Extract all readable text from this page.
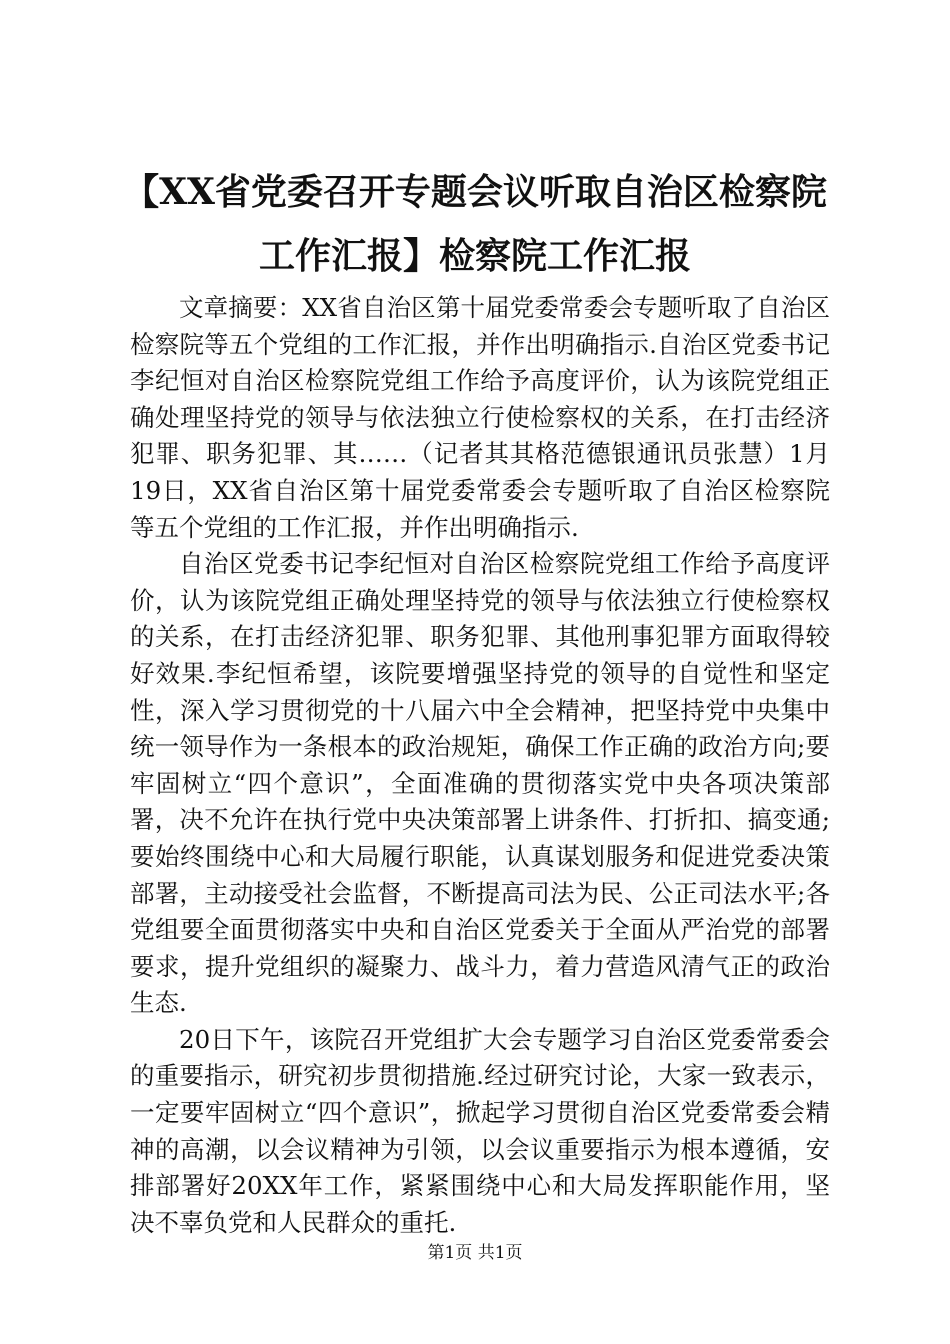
【XX省党委召开专题会议听取自治区检察院工作汇报】检察院工作汇报

文章摘要：XX省自治区第十届党委常委会专题听取了自治区检察院等五个党组的工作汇报，并作出明确指示.自治区党委书记李纪恒对自治区检察院党组工作给予高度评价，认为该院党组正确处理坚持党的领导与依法独立行使检察权的关系，在打击经济犯罪、职务犯罪、其……（记者其其格范德银通讯员张慧）1月19日，XX省自治区第十届党委常委会专题听取了自治区检察院等五个党组的工作汇报，并作出明确指示.

自治区党委书记李纪恒对自治区检察院党组工作给予高度评价，认为该院党组正确处理坚持党的领导与依法独立行使检察权的关系，在打击经济犯罪、职务犯罪、其他刑事犯罪方面取得较好效果.李纪恒希望，该院要增强坚持党的领导的自觉性和坚定性，深入学习贯彻党的十八届六中全会精神，把坚持党中央集中统一领导作为一条根本的政治规矩，确保工作正确的政治方向;要牢固树立“四个意识”，全面准确的贯彻落实党中央各项决策部署，决不允许在执行党中央决策部署上讲条件、打折扣、搞变通;要始终围绕中心和大局履行职能，认真谋划服务和促进党委决策部署，主动接受社会监督，不断提高司法为民、公正司法水平;各党组要全面贯彻落实中央和自治区党委关于全面从严治党的部署要求，提升党组织的凝聚力、战斗力，着力营造风清气正的政治生态.

20日下午，该院召开党组扩大会专题学习自治区党委常委会的重要指示，研究初步贯彻措施.经过研究讨论，大家一致表示，一定要牢固树立“四个意识”，掀起学习贯彻自治区党委常委会精神的高潮，以会议精神为引领，以会议重要指示为根本遵循，安排部署好20XX年工作，紧紧围绕中心和大局发挥职能作用，坚决不辜负党和人民群众的重托.

第1页 共1页
